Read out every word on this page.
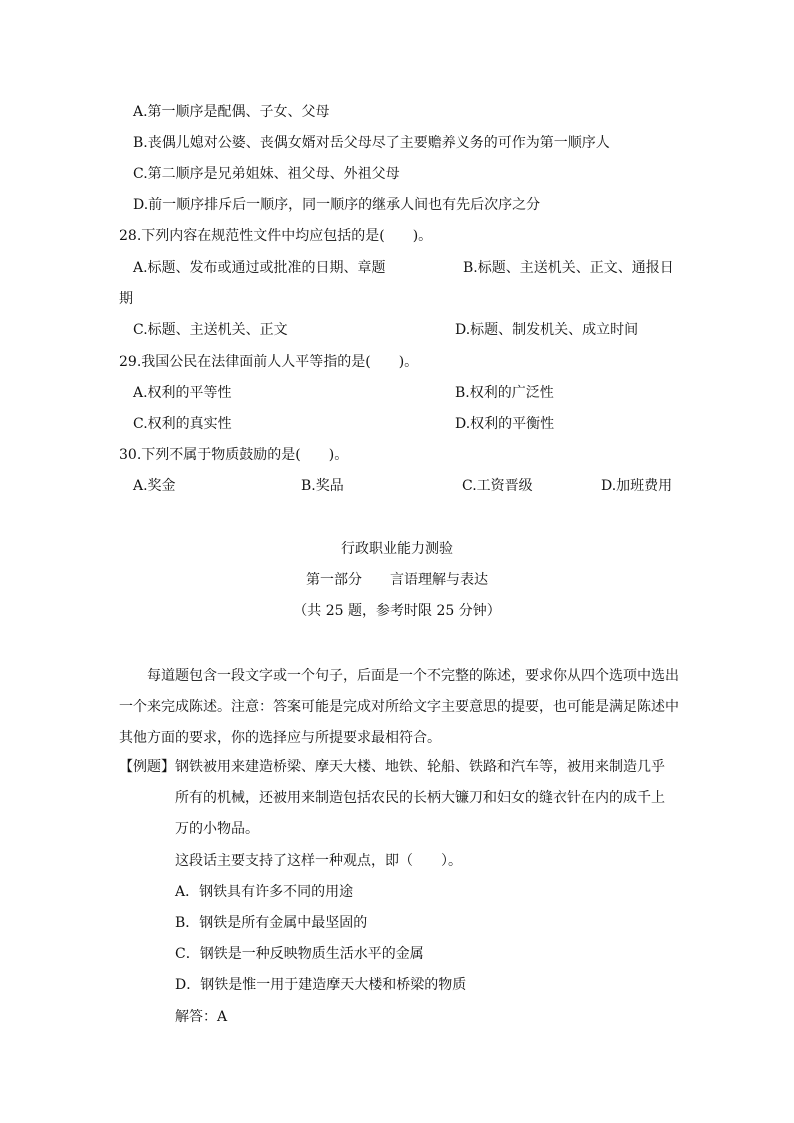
A.第一顺序是配偶、子女、父母
B.丧偶儿媳对公婆、丧偶女婿对岳父母尽了主要赡养义务的可作为第一顺序人
C.第二顺序是兄弟姐妹、祖父母、外祖父母
D.前一顺序排斥后一顺序，同一顺序的继承人间也有先后次序之分
28.下列内容在规范性文件中均应包括的是(　　)。
A.标题、发布或通过或批准的日期、章题	B.标题、主送机关、正文、通报日
期
C.标题、主送机关、正文	D.标题、制发机关、成立时间
29.我国公民在法律面前人人平等指的是(　　)。
A.权利的平等性	B.权利的广泛性
C.权利的真实性	D.权利的平衡性
30.下列不属于物质鼓励的是(　　)。
A.奖金	B.奖品	C.工资晋级	D.加班费用
行政职业能力测验
第一部分　　言语理解与表达
（共 25 题，参考时限 25 分钟）
每道题包含一段文字或一个句子，后面是一个不完整的陈述，要求你从四个选项中选出一个来完成陈述。注意：答案可能是完成对所给文字主要意思的提要，也可能是满足陈述中其他方面的要求，你的选择应与所提要求最相符合。
【例题】钢铁被用来建造桥梁、摩天大楼、地铁、轮船、铁路和汽车等，被用来制造几乎
所有的机械，还被用来制造包括农民的长柄大镰刀和妇女的缝衣针在内的成千上万的小物品。
这段话主要支持了这样一种观点，即（　　）。
A．钢铁具有许多不同的用途
B．钢铁是所有金属中最坚固的
C．钢铁是一种反映物质生活水平的金属
D．钢铁是惟一用于建造摩天大楼和桥梁的物质
解答：A
